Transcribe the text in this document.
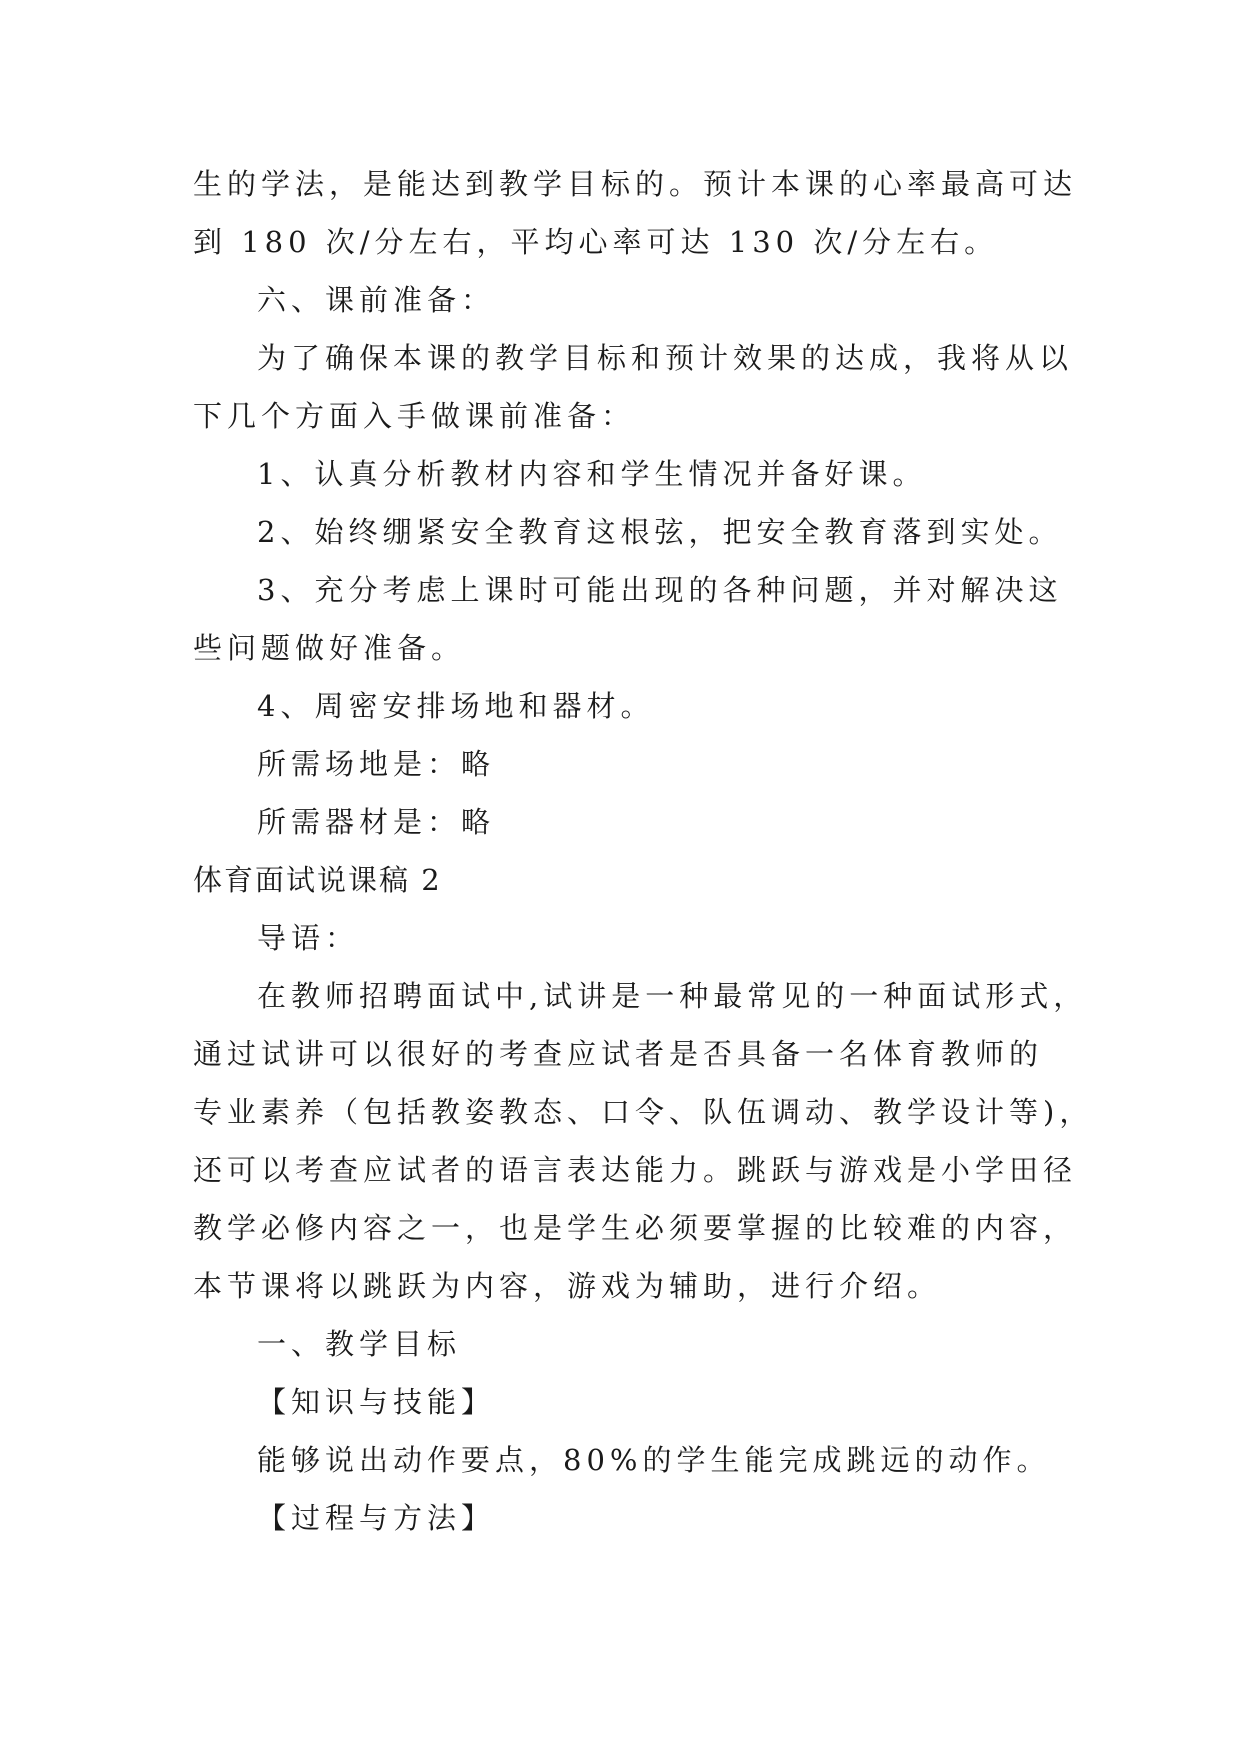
生的学法，是能达到教学目标的。预计本课的心率最高可达
到 180 次/分左右，平均心率可达 130 次/分左右。
六、课前准备：
为了确保本课的教学目标和预计效果的达成，我将从以
下几个方面入手做课前准备：
1、认真分析教材内容和学生情况并备好课。
2、始终绷紧安全教育这根弦，把安全教育落到实处。
3、充分考虑上课时可能出现的各种问题，并对解决这
些问题做好准备。
4、周密安排场地和器材。
所需场地是：略
所需器材是：略
体育面试说课稿 2
导语：
在教师招聘面试中,试讲是一种最常见的一种面试形式，
通过试讲可以很好的考查应试者是否具备一名体育教师的
专业素养（包括教姿教态、口令、队伍调动、教学设计等)，
还可以考查应试者的语言表达能力。跳跃与游戏是小学田径
教学必修内容之一，也是学生必须要掌握的比较难的内容，
本节课将以跳跃为内容，游戏为辅助，进行介绍。
一、教学目标
【知识与技能】
能够说出动作要点，80%的学生能完成跳远的动作。
【过程与方法】
